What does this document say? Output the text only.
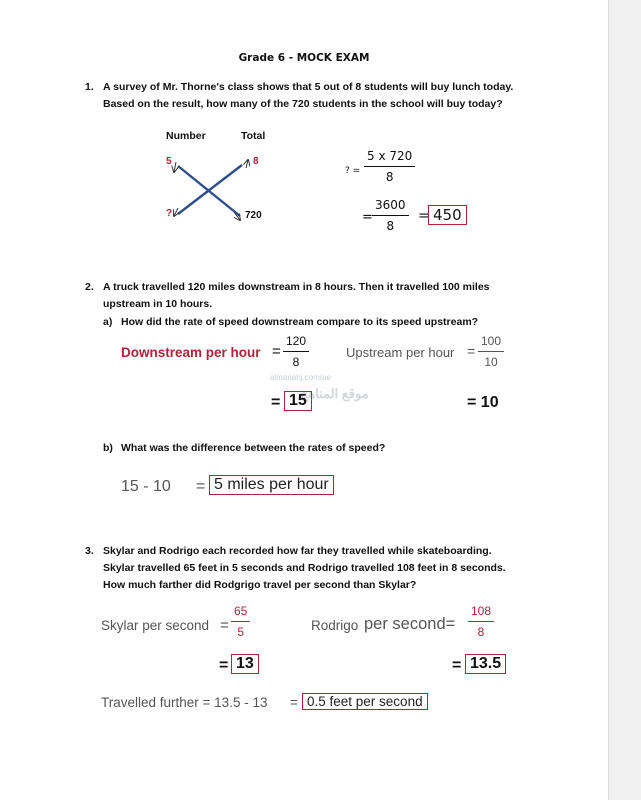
Grade 6 - MOCK EXAM
1. A survey of Mr. Thorne's class shows that 5 out of 8 students will buy lunch today. Based on the result, how many of the 720 students in the school will buy today?
Number	Total
5	8
?	720
? =
5 x 720
8
=
3600
8
= 450
2. A truck travelled 120 miles downstream in 8 hours. Then it travelled 100 miles upstream in 10 hours.
a) How did the rate of speed downstream compare to its speed upstream?
Downstream per hour =
120
8
Upstream per hour =
100
10
almanahj.com/ae
موقع المناهج
= 15	= 10
b) What was the difference between the rates of speed?
15 - 10 = 5 miles per hour
3. Skylar and Rodrigo each recorded how far they travelled while skateboarding. Skylar travelled 65 feet in 5 seconds and Rodrigo travelled 108 feet in 8 seconds. How much farther did Rodgrigo travel per second than Skylar?
Skylar per second =
65
5	Rodrigo per second=
108
8
= 13	= 13.5
Travelled further = 13.5 - 13 = 0.5 feet per second
